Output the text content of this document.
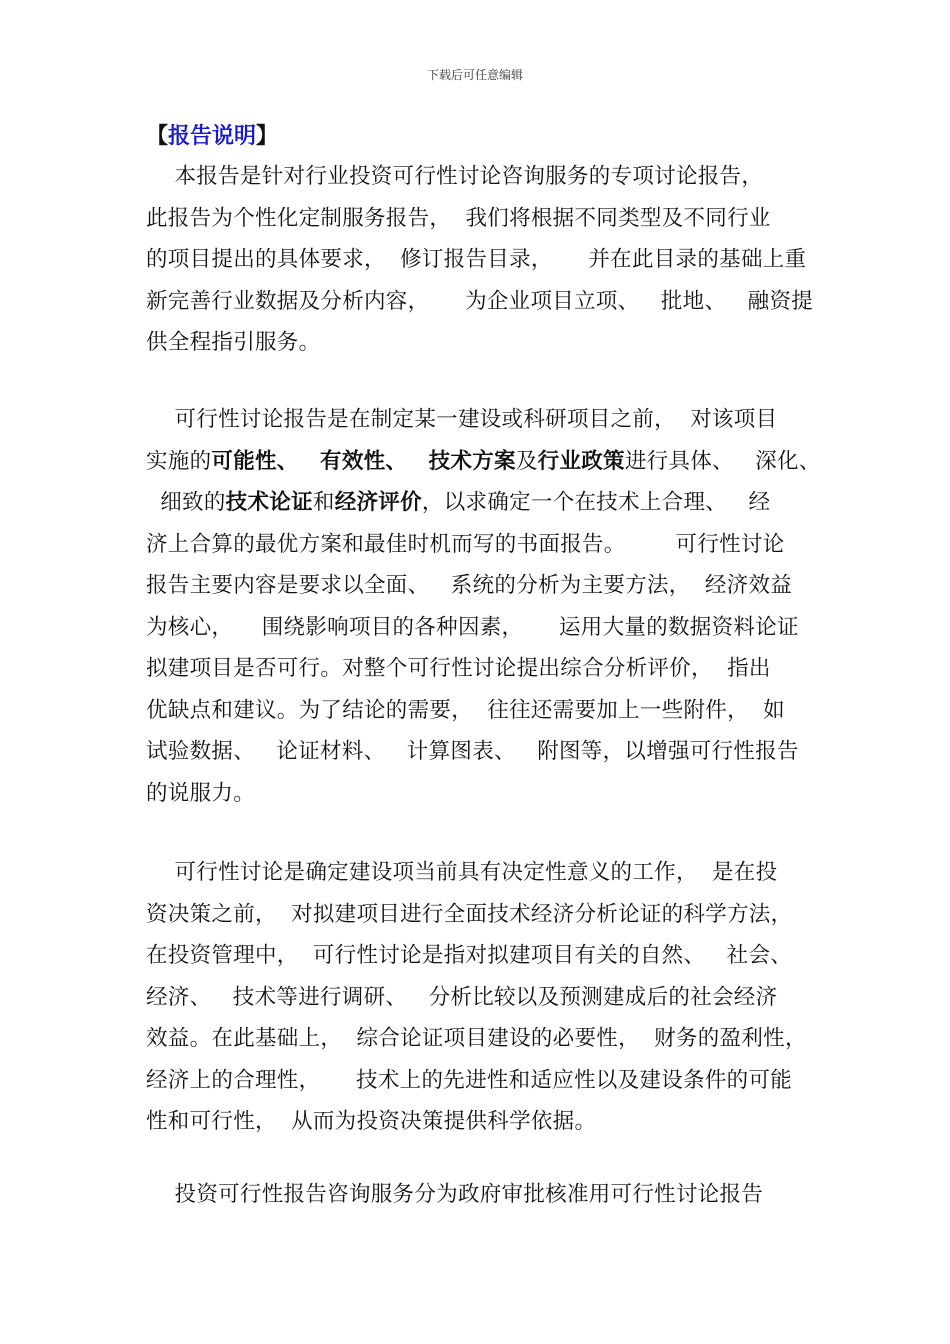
下载后可任意编辑
【报告说明】
本报告是针对行业投资可行性讨论咨询服务的专项讨论报告，
此报告为个性化定制服务报告，  我们将根据不同类型及不同行业
的项目提出的具体要求，  修订报告目录，     并在此目录的基础上重
新完善行业数据及分析内容，     为企业项目立项、   批地、   融资提
供全程指引服务。
可行性讨论报告是在制定某一建设或科研项目之前，  对该项目
实施的可能性、 有效性、 技术方案及行业政策进行具体、   深化、
细致的技术论证和经济评价，以求确定一个在技术上合理、   经
济上合算的最优方案和最佳时机而写的书面报告。       可行性讨论
报告主要内容是要求以全面、   系统的分析为主要方法，  经济效益
为核心，    围绕影响项目的各种因素，     运用大量的数据资料论证
拟建项目是否可行。对整个可行性讨论提出综合分析评价，  指出
优缺点和建议。为了结论的需要，  往往还需要加上一些附件，  如
试验数据、   论证材料、   计算图表、   附图等，以增强可行性报告
的说服力。
可行性讨论是确定建设项当前具有决定性意义的工作，  是在投
资决策之前，  对拟建项目进行全面技术经济分析论证的科学方法，
在投资管理中，  可行性讨论是指对拟建项目有关的自然、   社会、
经济、   技术等进行调研、   分析比较以及预测建成后的社会经济
效益。在此基础上，  综合论证项目建设的必要性，  财务的盈利性，
经济上的合理性，     技术上的先进性和适应性以及建设条件的可能
性和可行性，  从而为投资决策提供科学依据。
投资可行性报告咨询服务分为政府审批核准用可行性讨论报告
